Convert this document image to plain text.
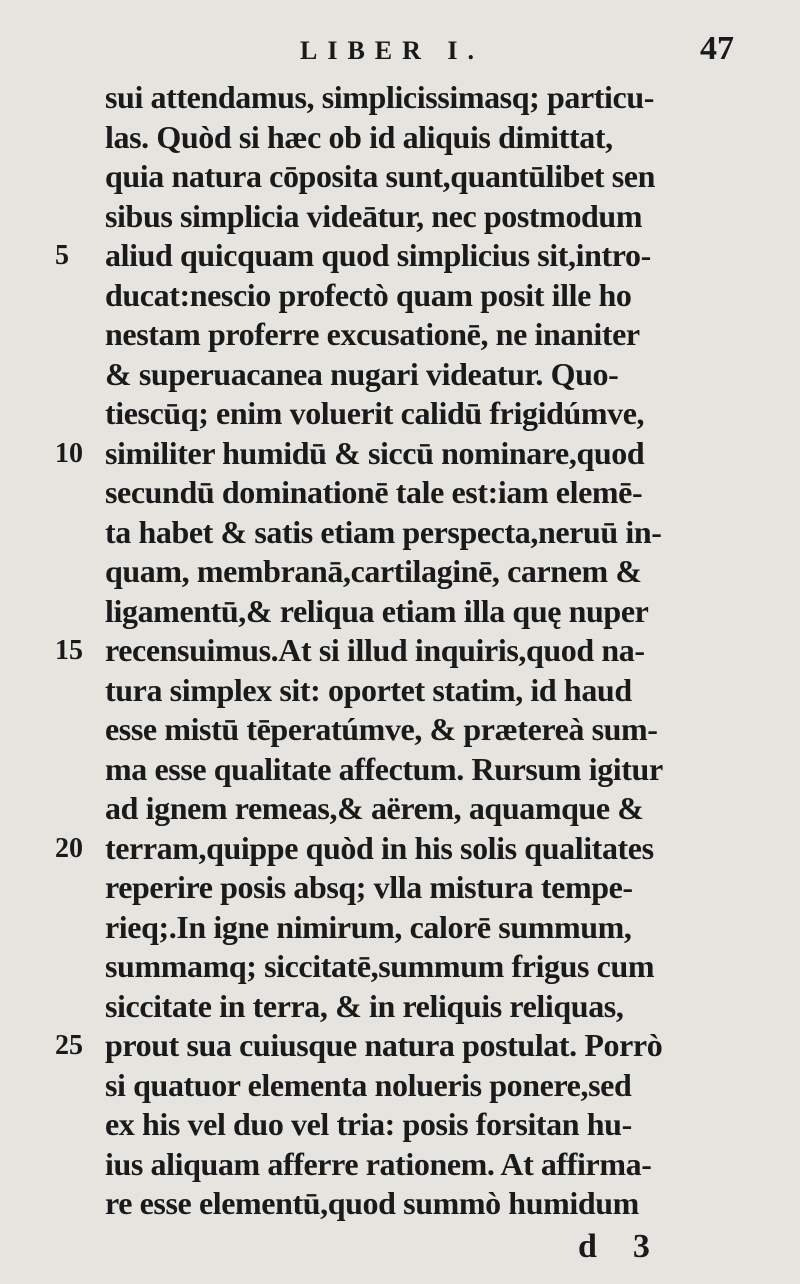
LIBER I.	47
sui attendamus, simplicissimasq; particu-
las. Quòd si hæc ob id aliquis dimittat,
quia natura cōposita sunt,quantūlibet sen
sibus simplicia videātur, nec postmodum
aliud quicquam quod simplicius sit,intro-
ducat:nescio profectò quam posit ille ho
nestam proferre excusationē, ne inaniter
& superuacanea nugari videatur. Quo-
tiescūq; enim voluerit calidū frigidúmve,
similiter humidū & siccū nominare,quod
secundū dominationē tale est:iam elemē-
ta habet & satis etiam perspecta,neruū in-
quam, membranā,cartilaginē, carnem &
ligamentū,& reliqua etiam illa quę nuper
recensuimus.At si illud inquiris,quod na-
tura simplex sit: oportet statim, id haud
esse mistū tēperatúmve, & prætereà sum-
ma esse qualitate affectum. Rursum igitur
ad ignem remeas,& aërem, aquamque &
terram,quippe quòd in his solis qualitates
reperire posis absq; vlla mistura tempe-
rieq;.In igne nimirum, calorē summum,
summamq; siccitatē,summum frigus cum
siccitate in terra, & in reliquis reliquas,
prout sua cuiusque natura postulat. Porrò
si quatuor elementa nolueris ponere,sed
ex his vel duo vel tria: posis forsitan hu-
ius aliquam afferre rationem. At affirma-
re esse elementū,quod summò humidum
5
10
15
20
25
d 3
